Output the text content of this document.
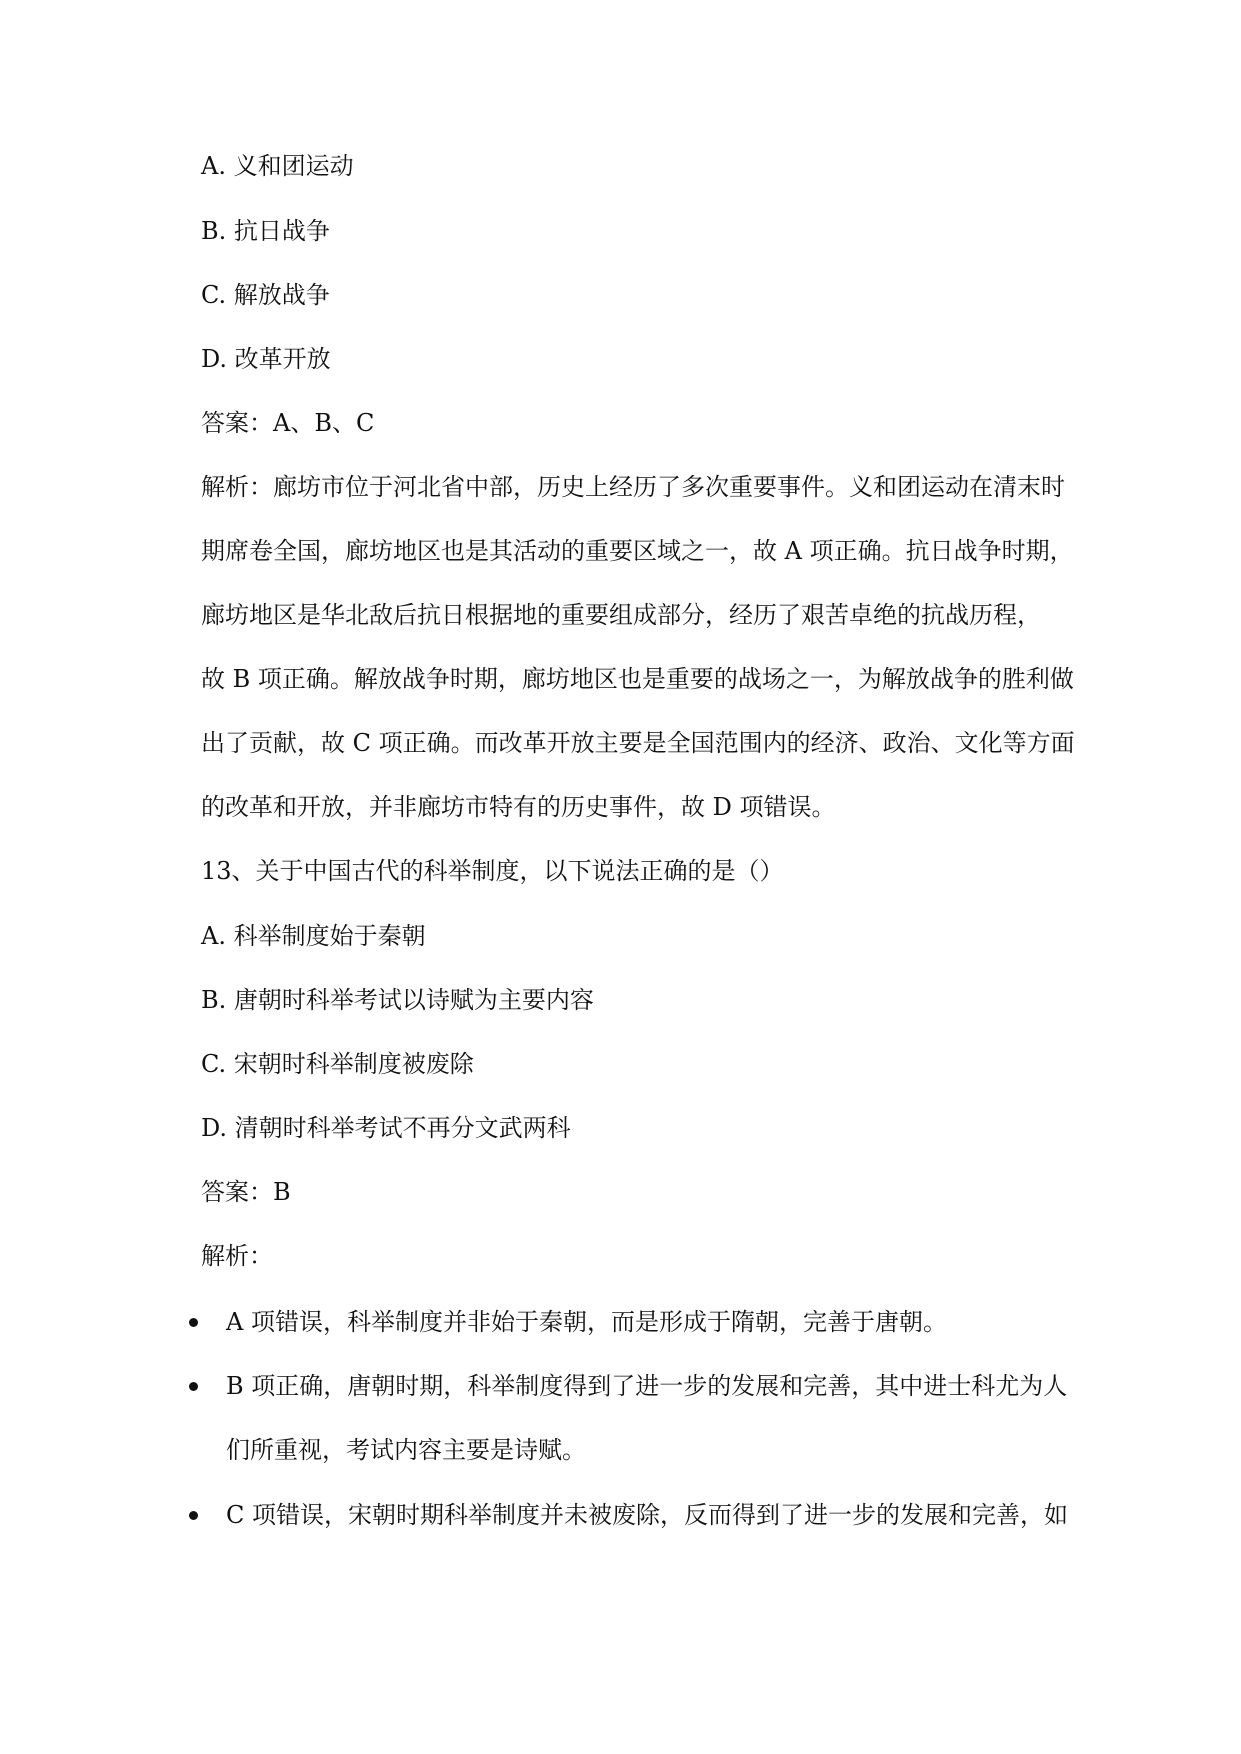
A. 义和团运动
B. 抗日战争
C. 解放战争
D. 改革开放
答案：A、B、C
解析：廊坊市位于河北省中部，历史上经历了多次重要事件。义和团运动在清末时
期席卷全国，廊坊地区也是其活动的重要区域之一，故 A 项正确。抗日战争时期，
廊坊地区是华北敌后抗日根据地的重要组成部分，经历了艰苦卓绝的抗战历程，
故 B 项正确。解放战争时期，廊坊地区也是重要的战场之一，为解放战争的胜利做
出了贡献，故 C 项正确。而改革开放主要是全国范围内的经济、政治、文化等方面
的改革和开放，并非廊坊市特有的历史事件，故 D 项错误。
13、关于中国古代的科举制度，以下说法正确的是（）
A. 科举制度始于秦朝
B. 唐朝时科举考试以诗赋为主要内容
C. 宋朝时科举制度被废除
D. 清朝时科举考试不再分文武两科
答案：B
解析：
A 项错误，科举制度并非始于秦朝，而是形成于隋朝，完善于唐朝。
B 项正确，唐朝时期，科举制度得到了进一步的发展和完善，其中进士科尤为人
们所重视，考试内容主要是诗赋。
C 项错误，宋朝时期科举制度并未被废除，反而得到了进一步的发展和完善，如
